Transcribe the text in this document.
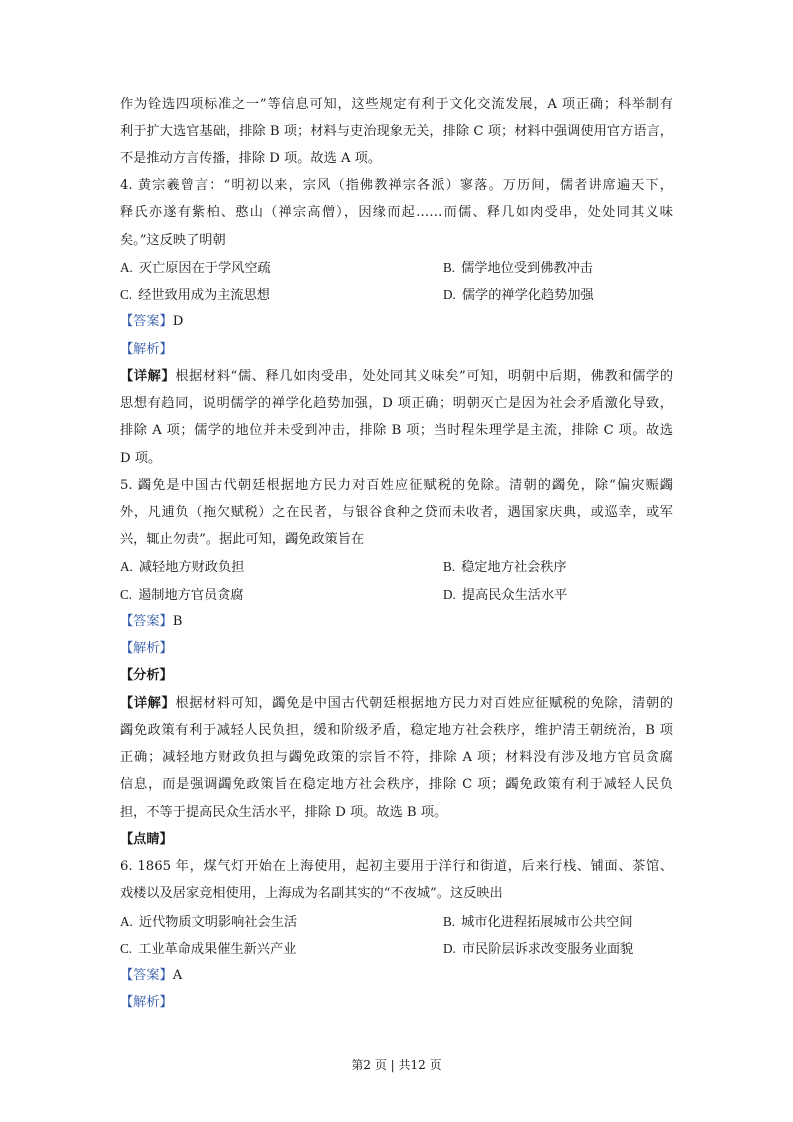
作为铨选四项标准之一”等信息可知，这些规定有利于文化交流发展，A 项正确；科举制有
利于扩大选官基础，排除 B 项；材料与吏治现象无关，排除 C 项；材料中强调使用官方语言，
不是推动方言传播，排除 D 项。故选 A 项。
4. 黄宗羲曾言：“明初以来，宗风（指佛教禅宗各派）寥落。万历间，儒者讲席遍天下，
释氏亦遂有紫柏、憨山（禅宗高僧），因缘而起……而儒、释几如肉受串，处处同其义味
矣。”这反映了明朝
A. 灭亡原因在于学风空疏	B. 儒学地位受到佛教冲击
C. 经世致用成为主流思想	D. 儒学的禅学化趋势加强
【答案】D
【解析】
【详解】根据材料“儒、释几如肉受串，处处同其义味矣”可知，明朝中后期，佛教和儒学的
思想有趋同，说明儒学的禅学化趋势加强，D 项正确；明朝灭亡是因为社会矛盾激化导致，
排除 A 项；儒学的地位并未受到冲击，排除 B 项；当时程朱理学是主流，排除 C 项。故选
D 项。
5. 蠲免是中国古代朝廷根据地方民力对百姓应征赋税的免除。清朝的蠲免，除“偏灾赈蠲
外，凡逋负（拖欠赋税）之在民者，与银谷食种之贷而未收者，遇国家庆典，或巡幸，或军
兴，辄止勿责”。据此可知，蠲免政策旨在
A. 减轻地方财政负担	B. 稳定地方社会秩序
C. 遏制地方官员贪腐	D. 提高民众生活水平
【答案】B
【解析】
【分析】
【详解】根据材料可知，蠲免是中国古代朝廷根据地方民力对百姓应征赋税的免除，清朝的
蠲免政策有利于减轻人民负担，缓和阶级矛盾，稳定地方社会秩序，维护清王朝统治，B 项
正确；减轻地方财政负担与蠲免政策的宗旨不符，排除 A 项；材料没有涉及地方官员贪腐
信息，而是强调蠲免政策旨在稳定地方社会秩序，排除 C 项；蠲免政策有利于减轻人民负
担，不等于提高民众生活水平，排除 D 项。故选 B 项。
【点睛】
6. 1865 年，煤气灯开始在上海使用，起初主要用于洋行和街道，后来行栈、铺面、茶馆、
戏楼以及居家竞相使用，上海成为名副其实的“不夜城”。这反映出
A. 近代物质文明影响社会生活	B. 城市化进程拓展城市公共空间
C. 工业革命成果催生新兴产业	D. 市民阶层诉求改变服务业面貌
【答案】A
【解析】
第2 页 | 共12 页
